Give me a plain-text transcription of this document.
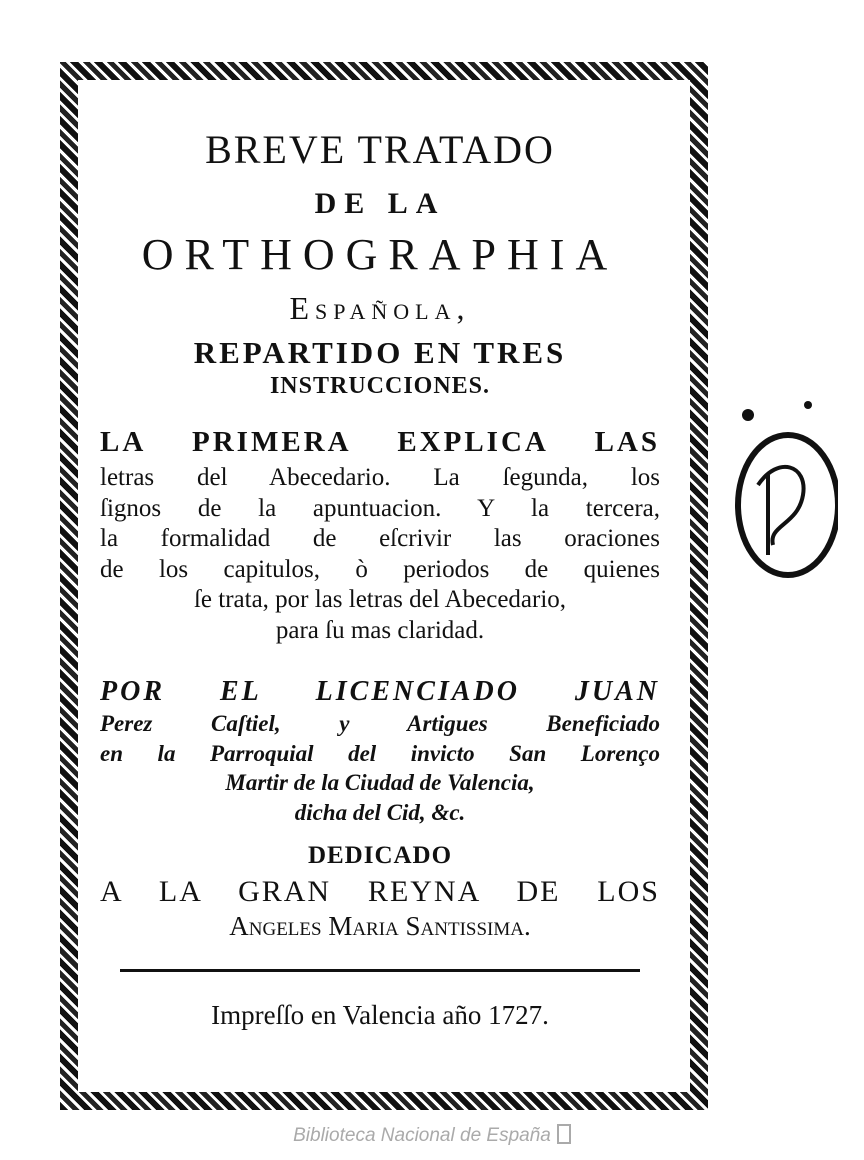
BREVE TRATADO

DE LA

ORTHOGRAPHIA

Española,

REPARTIDO EN TRES

INSTRUCCIONES.

LA PRIMERA EXPLICA LAS

letras del Abecedario. La ſegunda, los
ſignos de la apuntuacion. Y la tercera,
la formalidad de eſcrivir las oraciones
de los capitulos, ò periodos de quienes
ſe trata, por las letras del Abecedario,
para ſu mas claridad.

POR EL LICENCIADO JUAN

Perez Caſtiel, y Artigues Beneficiado
en la Parroquial del invicto San Lorenço
Martir de la Ciudad de Valencia,
dicha del Cid, &c.

DEDICADO

A LA GRAN REYNA DE LOS

Angeles Maria Santissima.

Impreſſo en Valencia año 1727.

Biblioteca Nacional de España
